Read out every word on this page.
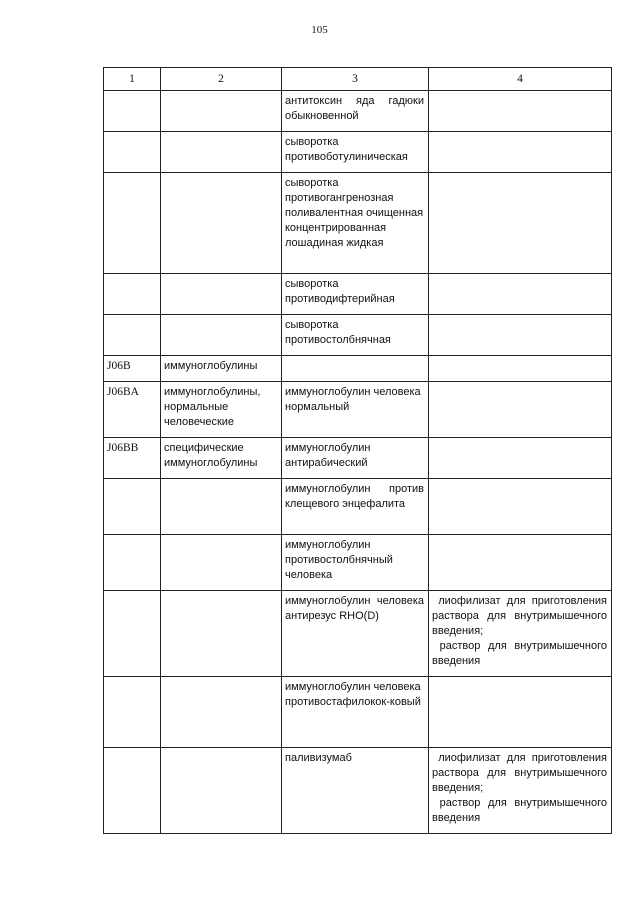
105
1	2	3	4
		антитоксин яда гадюки обыкновенной	

		сыворотка противоботулиническая	

		сыворотка противогангренозная поливалентная очищенная концентрированная лошадиная жидкая	

		сыворотка противодифтерийная	

		сыворотка противостолбнячная	

J06B	иммуноглобулины		

J06BA	иммуноглобулины, нормальные человеческие	иммуноглобулин человека нормальный	

J06BB	специфические иммуноглобулины	иммуноглобулин антирабический	

		иммуноглобулин против клещевого энцефалита	

		иммуноглобулин противостолбнячный человека	

		иммуноглобулин человека антирезус RHO(D)	лиофилизат для приготовления раствора для внутримышечного введения;
раствор для внутримышечного введения

		иммуноглобулин человека противостафилокок-ковый	

		паливизумаб	лиофилизат для приготовления раствора для внутримышечного введения;
раствор для внутримышечного введения
